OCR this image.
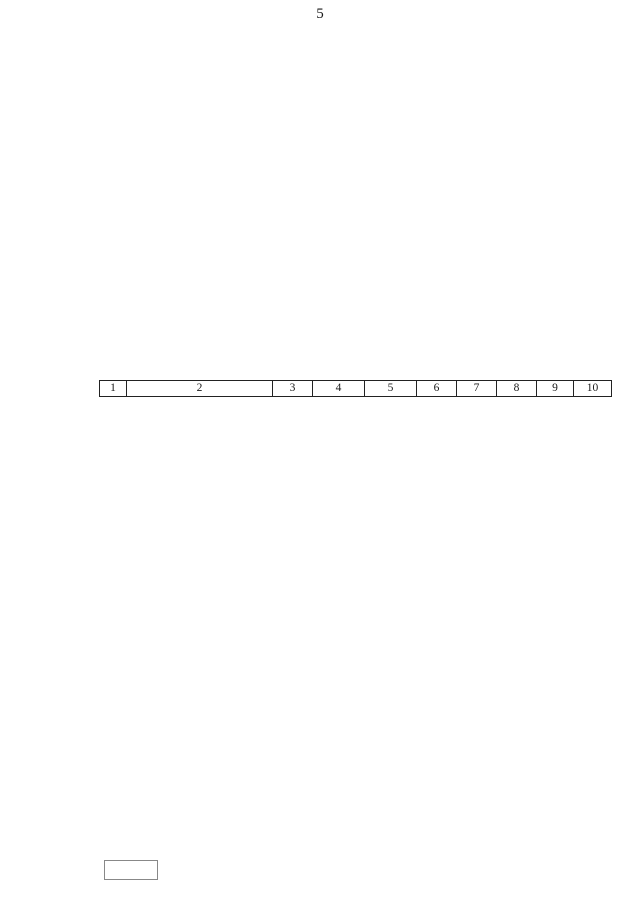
5
1	2	3	4	5	6	7	8	9	10
